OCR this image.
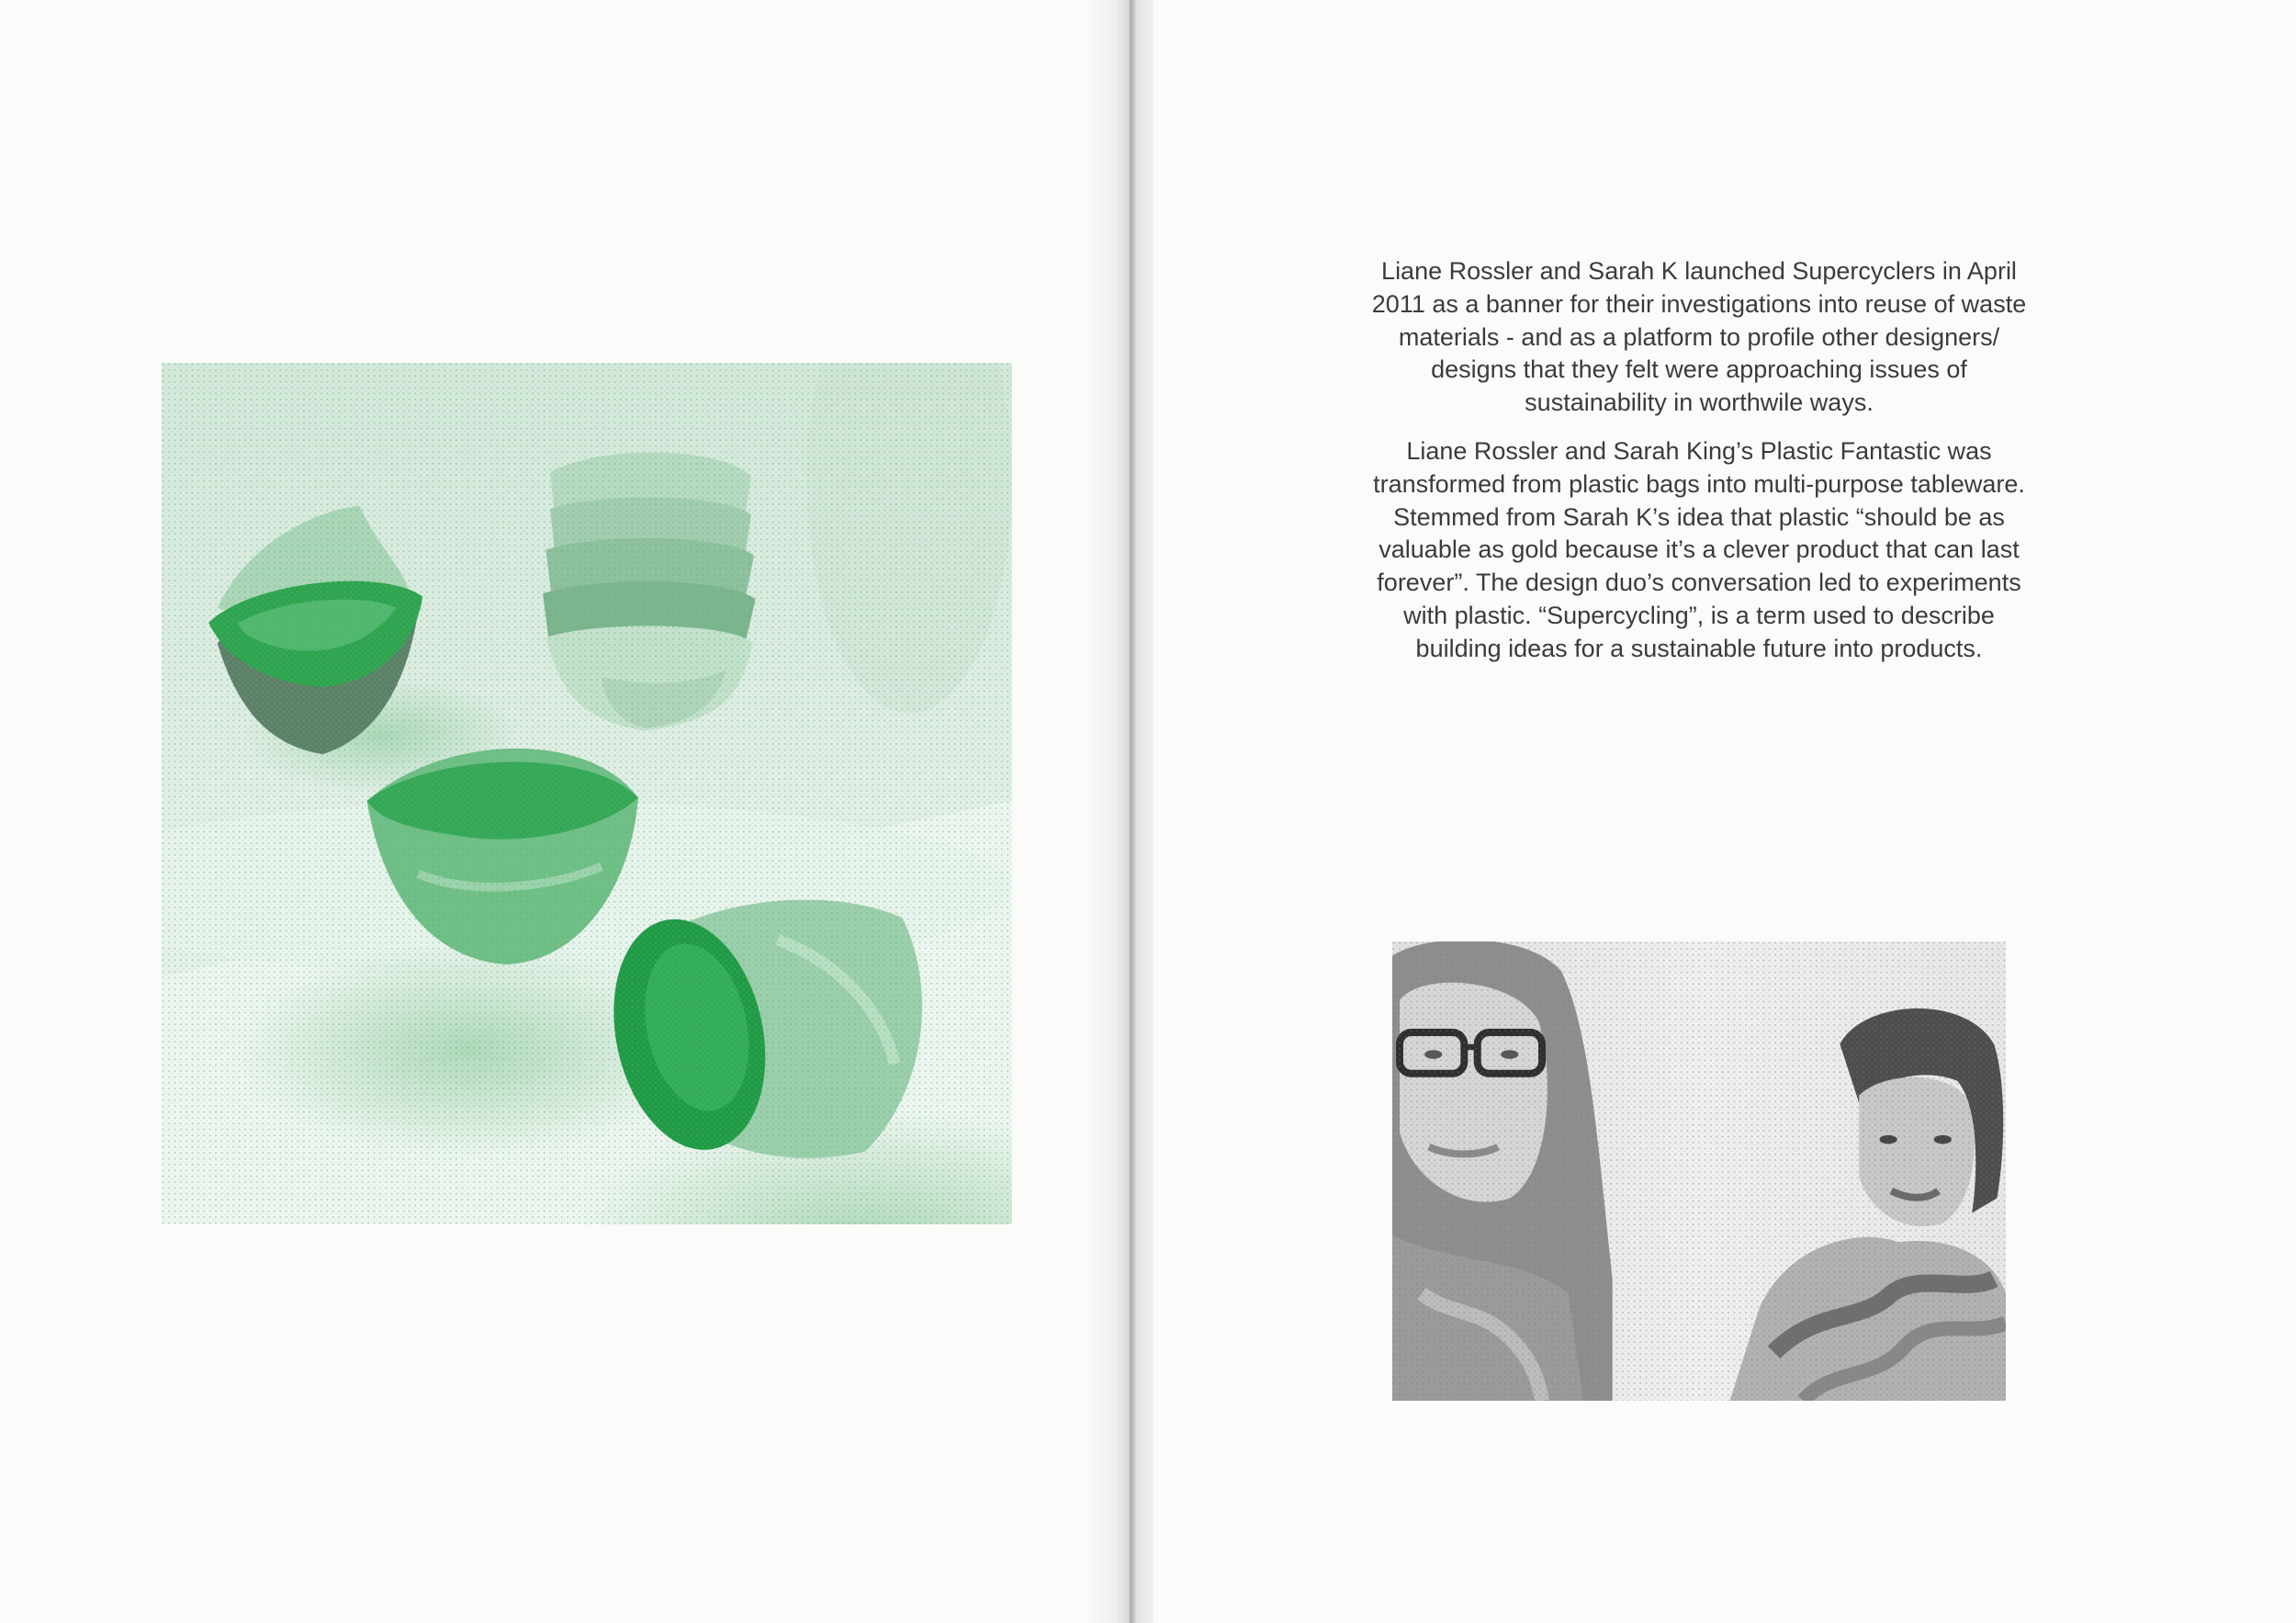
Liane Rossler and Sarah K launched Supercyclers in April 2011 as a banner for their investigations into reuse of waste materials - and as a platform to profile other designers/ designs that they felt were approaching issues of sustainability in worthwile ways.

Liane Rossler and Sarah King’s Plastic Fantastic was transformed from plastic bags into multi-purpose tableware. Stemmed from Sarah K’s idea that plastic “should be as valuable as gold because it’s a clever product that can last forever”. The design duo’s conversation led to experiments with plastic. “Supercycling”, is a term used to describe building ideas for a sustainable future into products.
